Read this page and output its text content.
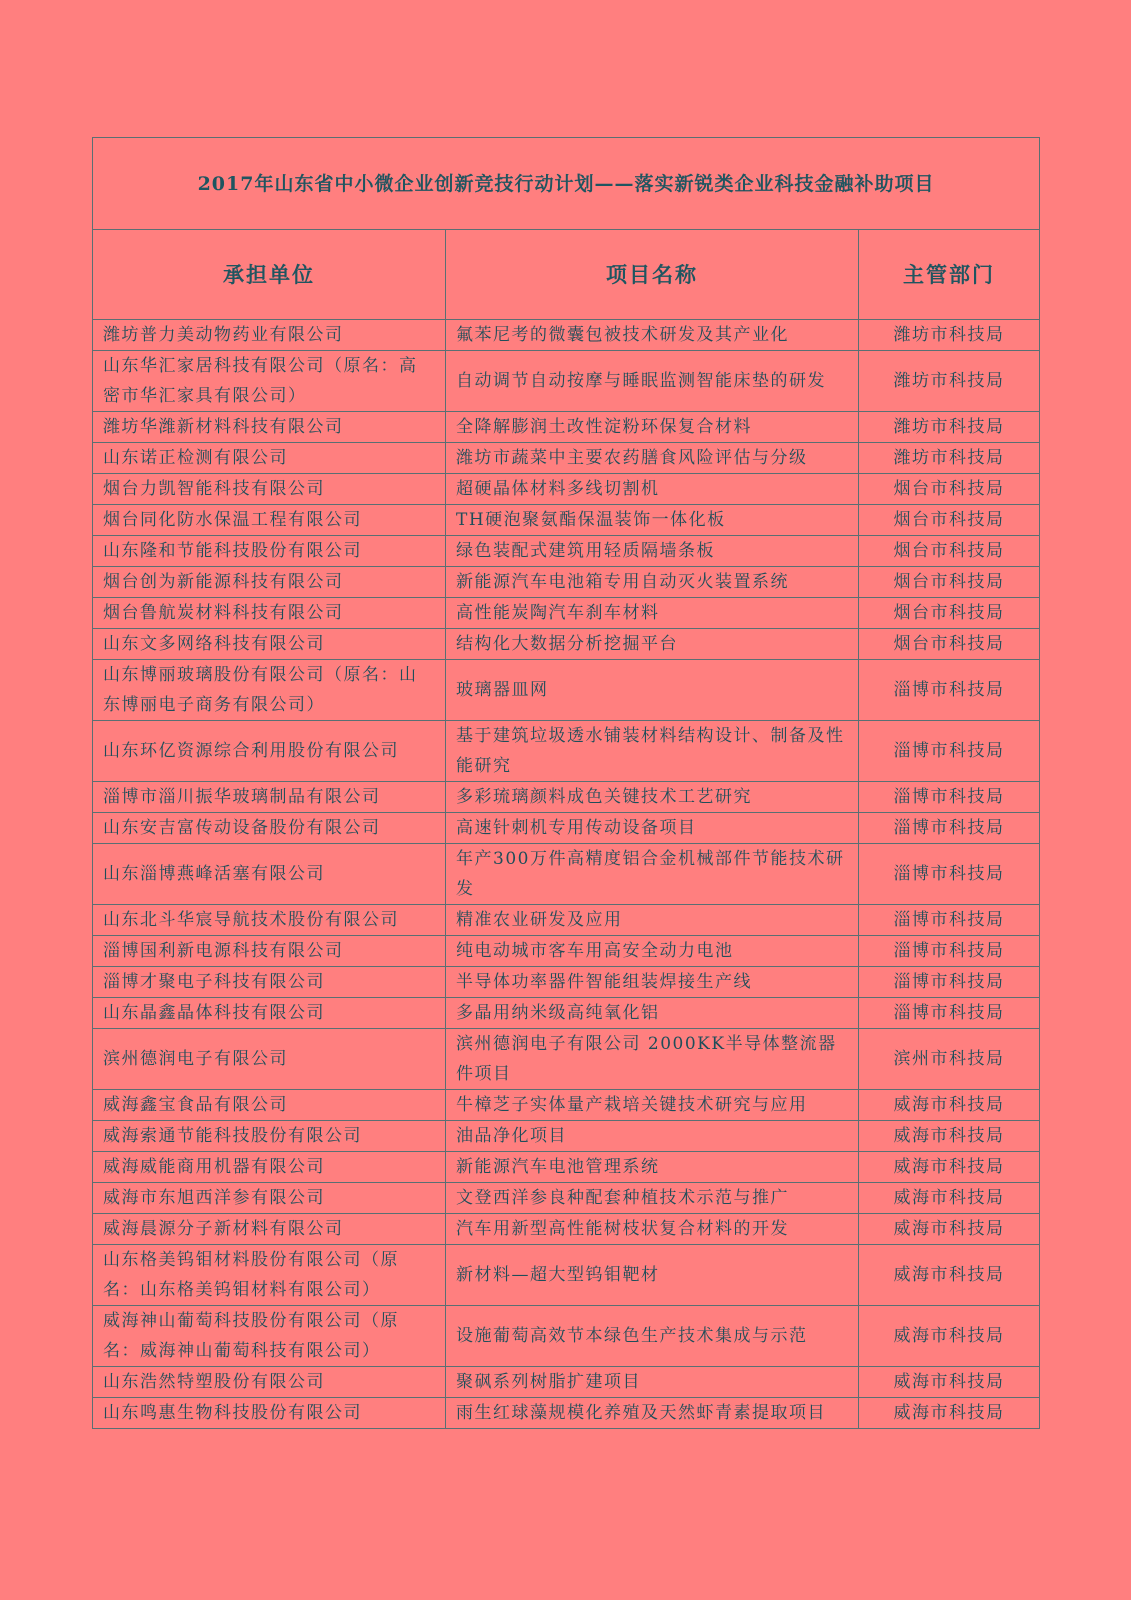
2017年山东省中小微企业创新竞技行动计划——落实新锐类企业科技金融补助项目		
承担单位	项目名称	主管部门
潍坊普力美动物药业有限公司	氟苯尼考的微囊包被技术研发及其产业化	潍坊市科技局
山东华汇家居科技有限公司（原名：高密市华汇家具有限公司）	自动调节自动按摩与睡眠监测智能床垫的研发	潍坊市科技局
潍坊华潍新材料科技有限公司	全降解膨润土改性淀粉环保复合材料	潍坊市科技局
山东诺正检测有限公司	潍坊市蔬菜中主要农药膳食风险评估与分级	潍坊市科技局
烟台力凯智能科技有限公司	超硬晶体材料多线切割机	烟台市科技局
烟台同化防水保温工程有限公司	TH硬泡聚氨酯保温装饰一体化板	烟台市科技局
山东隆和节能科技股份有限公司	绿色装配式建筑用轻质隔墙条板	烟台市科技局
烟台创为新能源科技有限公司	新能源汽车电池箱专用自动灭火装置系统	烟台市科技局
烟台鲁航炭材料科技有限公司	高性能炭陶汽车刹车材料	烟台市科技局
山东文多网络科技有限公司	结构化大数据分析挖掘平台	烟台市科技局
山东博丽玻璃股份有限公司（原名：山东博丽电子商务有限公司）	玻璃器皿网	淄博市科技局
山东环亿资源综合利用股份有限公司	基于建筑垃圾透水铺装材料结构设计、制备及性能研究	淄博市科技局
淄博市淄川振华玻璃制品有限公司	多彩琉璃颜料成色关键技术工艺研究	淄博市科技局
山东安吉富传动设备股份有限公司	高速针刺机专用传动设备项目	淄博市科技局
山东淄博燕峰活塞有限公司	年产300万件高精度铝合金机械部件节能技术研发	淄博市科技局
山东北斗华宸导航技术股份有限公司	精准农业研发及应用	淄博市科技局
淄博国利新电源科技有限公司	纯电动城市客车用高安全动力电池	淄博市科技局
淄博才聚电子科技有限公司	半导体功率器件智能组装焊接生产线	淄博市科技局
山东晶鑫晶体科技有限公司	多晶用纳米级高纯氧化铝	淄博市科技局
滨州德润电子有限公司	滨州德润电子有限公司 2000KK半导体整流器件项目	滨州市科技局
威海鑫宝食品有限公司	牛樟芝子实体量产栽培关键技术研究与应用	威海市科技局
威海索通节能科技股份有限公司	油品净化项目	威海市科技局
威海威能商用机器有限公司	新能源汽车电池管理系统	威海市科技局
威海市东旭西洋参有限公司	文登西洋参良种配套种植技术示范与推广	威海市科技局
威海晨源分子新材料有限公司	汽车用新型高性能树枝状复合材料的开发	威海市科技局
山东格美钨钼材料股份有限公司（原名：山东格美钨钼材料有限公司）	新材料—超大型钨钼靶材	威海市科技局
威海神山葡萄科技股份有限公司（原名：威海神山葡萄科技有限公司）	设施葡萄高效节本绿色生产技术集成与示范	威海市科技局
山东浩然特塑股份有限公司	聚砜系列树脂扩建项目	威海市科技局
山东鸣惠生物科技股份有限公司	雨生红球藻规模化养殖及天然虾青素提取项目	威海市科技局
